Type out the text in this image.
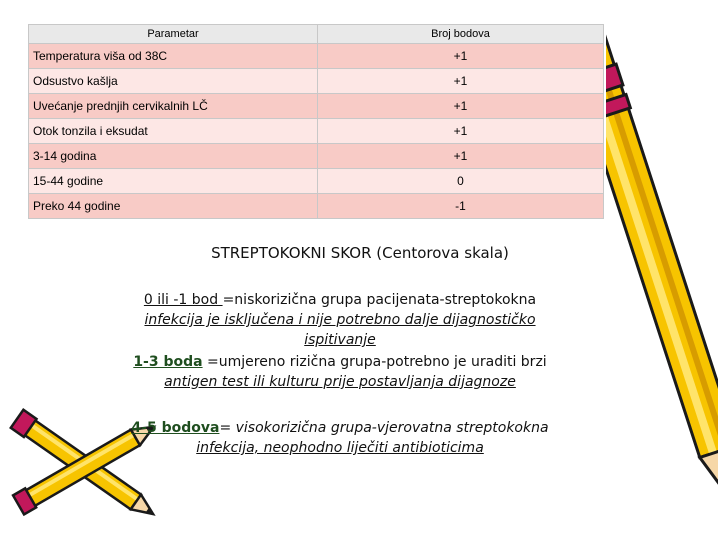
Parametar	Broj bodova
Temperatura viša od 38C	+1
Odsustvo kašlja	+1
Uvećanje prednjih cervikalnih LČ	+1
Otok tonzila i eksudat	+1
3-14 godina	+1
15-44 godine	0
Preko 44 godine	-1
STREPTOKOKNI SKOR (Centorova skala)
0 ili -1 bod =niskorizična grupa pacijenata-streptokokna
infekcija je isključena i nije potrebno dalje dijagnostičko
ispitivanje
1-3 boda =umjereno rizična grupa-potrebno je uraditi brzi
antigen test ili kulturu prije postavljanja dijagnoze
4-5 bodova= visokorizična grupa-vjerovatna streptokokna
infekcija, neophodno liječiti antibioticima
